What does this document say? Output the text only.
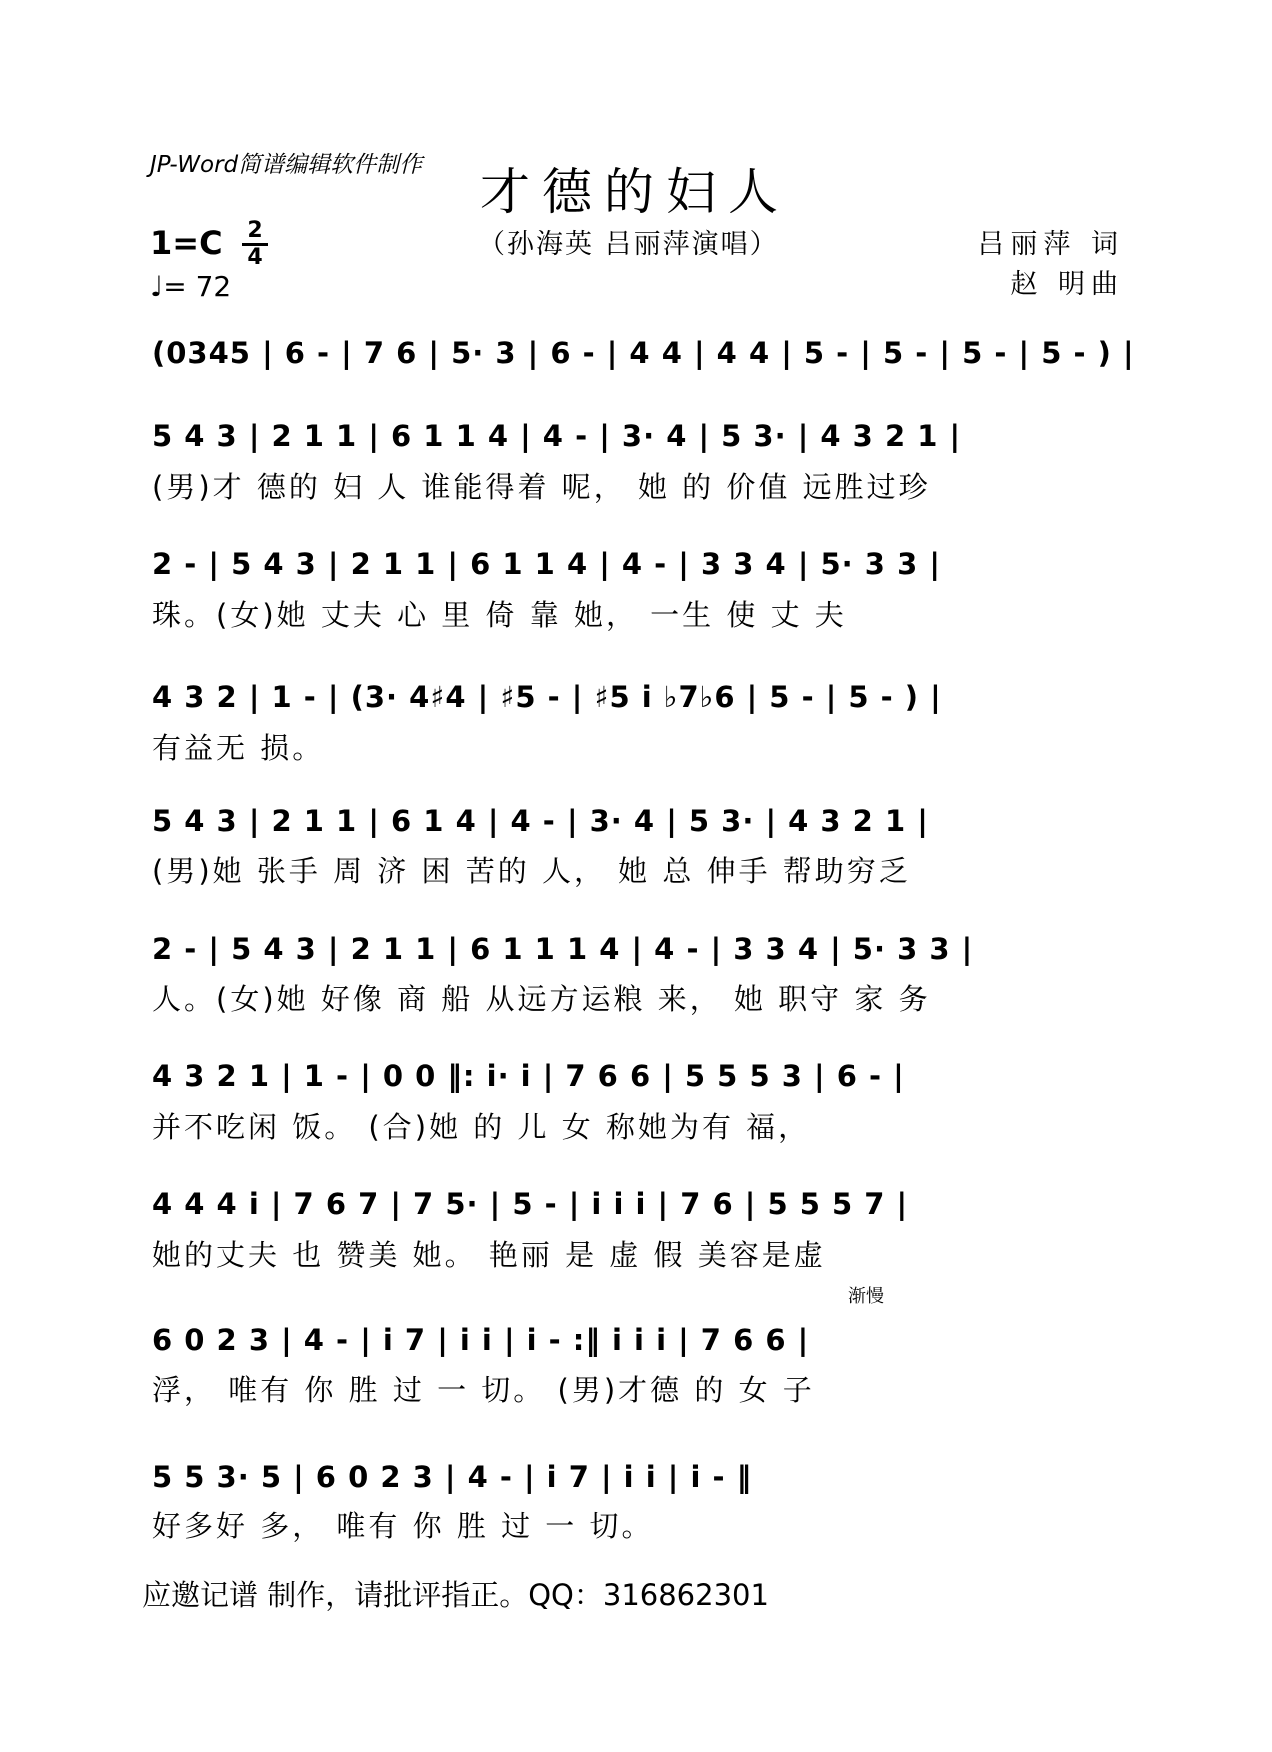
JP-Word简谱编辑软件制作 才德的妇人
（孙海英 吕丽萍演唱）	吕丽萍 词
赵 明曲
1=C 2
4
♩= 72
(0345 | 6 - | 7 6 | 5· 3 | 6 - | 4 4 | 4 4 | 5 - | 5 - | 5 - | 5 - ) |
5 4 3 | 2 1 1 | 6 1 1 4 | 4 - | 3· 4 | 5 3· | 4 3 2 1 |
(男)才 德的 妇 人 谁能得着 呢， 她 的 价值 远胜过珍
2 - | 5 4 3 | 2 1 1 | 6 1 1 4 | 4 - | 3 3 4 | 5· 3 3 |
珠。(女)她 丈夫 心 里 倚 靠 她， 一生 使 丈 夫
4 3 2 | 1 - | (3· 4♯4 | ♯5 - | ♯5 i ♭7♭6 | 5 - | 5 - ) |
有益无 损。
5 4 3 | 2 1 1 | 6 1 4 | 4 - | 3· 4 | 5 3· | 4 3 2 1 |
(男)她 张手 周 济 困 苦的 人， 她 总 伸手 帮助穷乏
2 - | 5 4 3 | 2 1 1 | 6 1 1 1 4 | 4 - | 3 3 4 | 5· 3 3 |
人。(女)她 好像 商 船 从远方运粮 来， 她 职守 家 务
4 3 2 1 | 1 - | 0 0 ‖: i· i | 7 6 6 | 5 5 5 3 | 6 - |
并不吃闲 饭。 (合)她 的 儿 女 称她为有 福，
4 4 4 i | 7 6 7 | 7 5· | 5 - | i i i | 7 6 | 5 5 5 7 |
她的丈夫 也 赞美 她。 艳丽 是 虚 假 美容是虚
渐慢
6 0 2 3 | 4 - | i 7 | i i | i - :‖ i i i | 7 6 6 |
浮， 唯有 你 胜 过 一 切。 (男)才德 的 女 子
5 5 3· 5 | 6 0 2 3 | 4 - | i 7 | i i | i - ‖
好多好 多， 唯有 你 胜 过 一 切。
应邀记谱 制作，请批评指正。QQ：316862301
